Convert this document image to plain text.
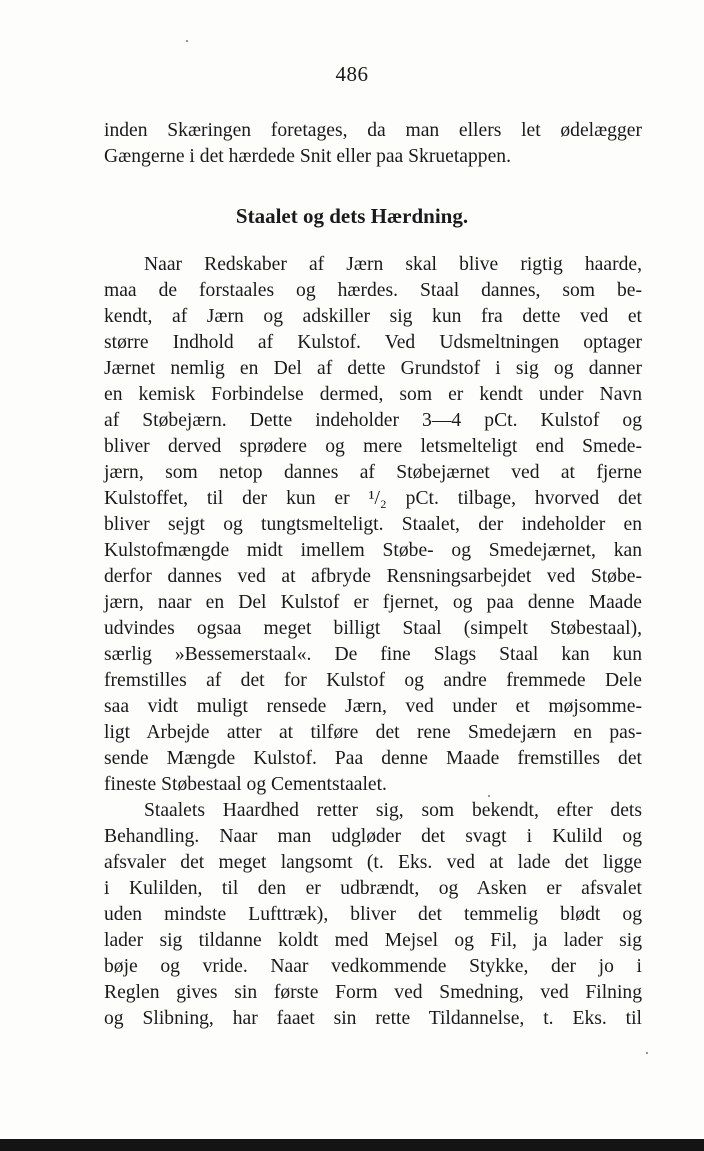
486
inden Skæringen foretages, da man ellers let ødelægger
Gængerne i det hærdede Snit eller paa Skruetappen.
Staalet og dets Hærdning.
Naar Redskaber af Jærn skal blive rigtig haarde,
maa de forstaales og hærdes. Staal dannes, som be-
kendt, af Jærn og adskiller sig kun fra dette ved et
større Indhold af Kulstof. Ved Udsmeltningen optager
Jærnet nemlig en Del af dette Grundstof i sig og danner
en kemisk Forbindelse dermed, som er kendt under Navn
af Støbejærn. Dette indeholder 3—4 pCt. Kulstof og
bliver derved sprødere og mere letsmelteligt end Smede-
jærn, som netop dannes af Støbejærnet ved at fjerne
Kulstoffet, til der kun er ¹/₂ pCt. tilbage, hvorved det
bliver sejgt og tungtsmelteligt. Staalet, der indeholder en
Kulstofmængde midt imellem Støbe- og Smedejærnet, kan
derfor dannes ved at afbryde Rensningsarbejdet ved Støbe-
jærn, naar en Del Kulstof er fjernet, og paa denne Maade
udvindes ogsaa meget billigt Staal (simpelt Støbestaal),
særlig »Bessemerstaal«. De fine Slags Staal kan kun
fremstilles af det for Kulstof og andre fremmede Dele
saa vidt muligt rensede Jærn, ved under et møjsomme-
ligt Arbejde atter at tilføre det rene Smedejærn en pas-
sende Mængde Kulstof. Paa denne Maade fremstilles det
fineste Støbestaal og Cementstaalet.
Staalets Haardhed retter sig, som bekendt, efter dets
Behandling. Naar man udgløder det svagt i Kulild og
afsvaler det meget langsomt (t. Eks. ved at lade det ligge
i Kulilden, til den er udbrændt, og Asken er afsvalet
uden mindste Lufttræk), bliver det temmelig blødt og
lader sig tildanne koldt med Mejsel og Fil, ja lader sig
bøje og vride. Naar vedkommende Stykke, der jo i
Reglen gives sin første Form ved Smedning, ved Filning
og Slibning, har faaet sin rette Tildannelse, t. Eks. til
